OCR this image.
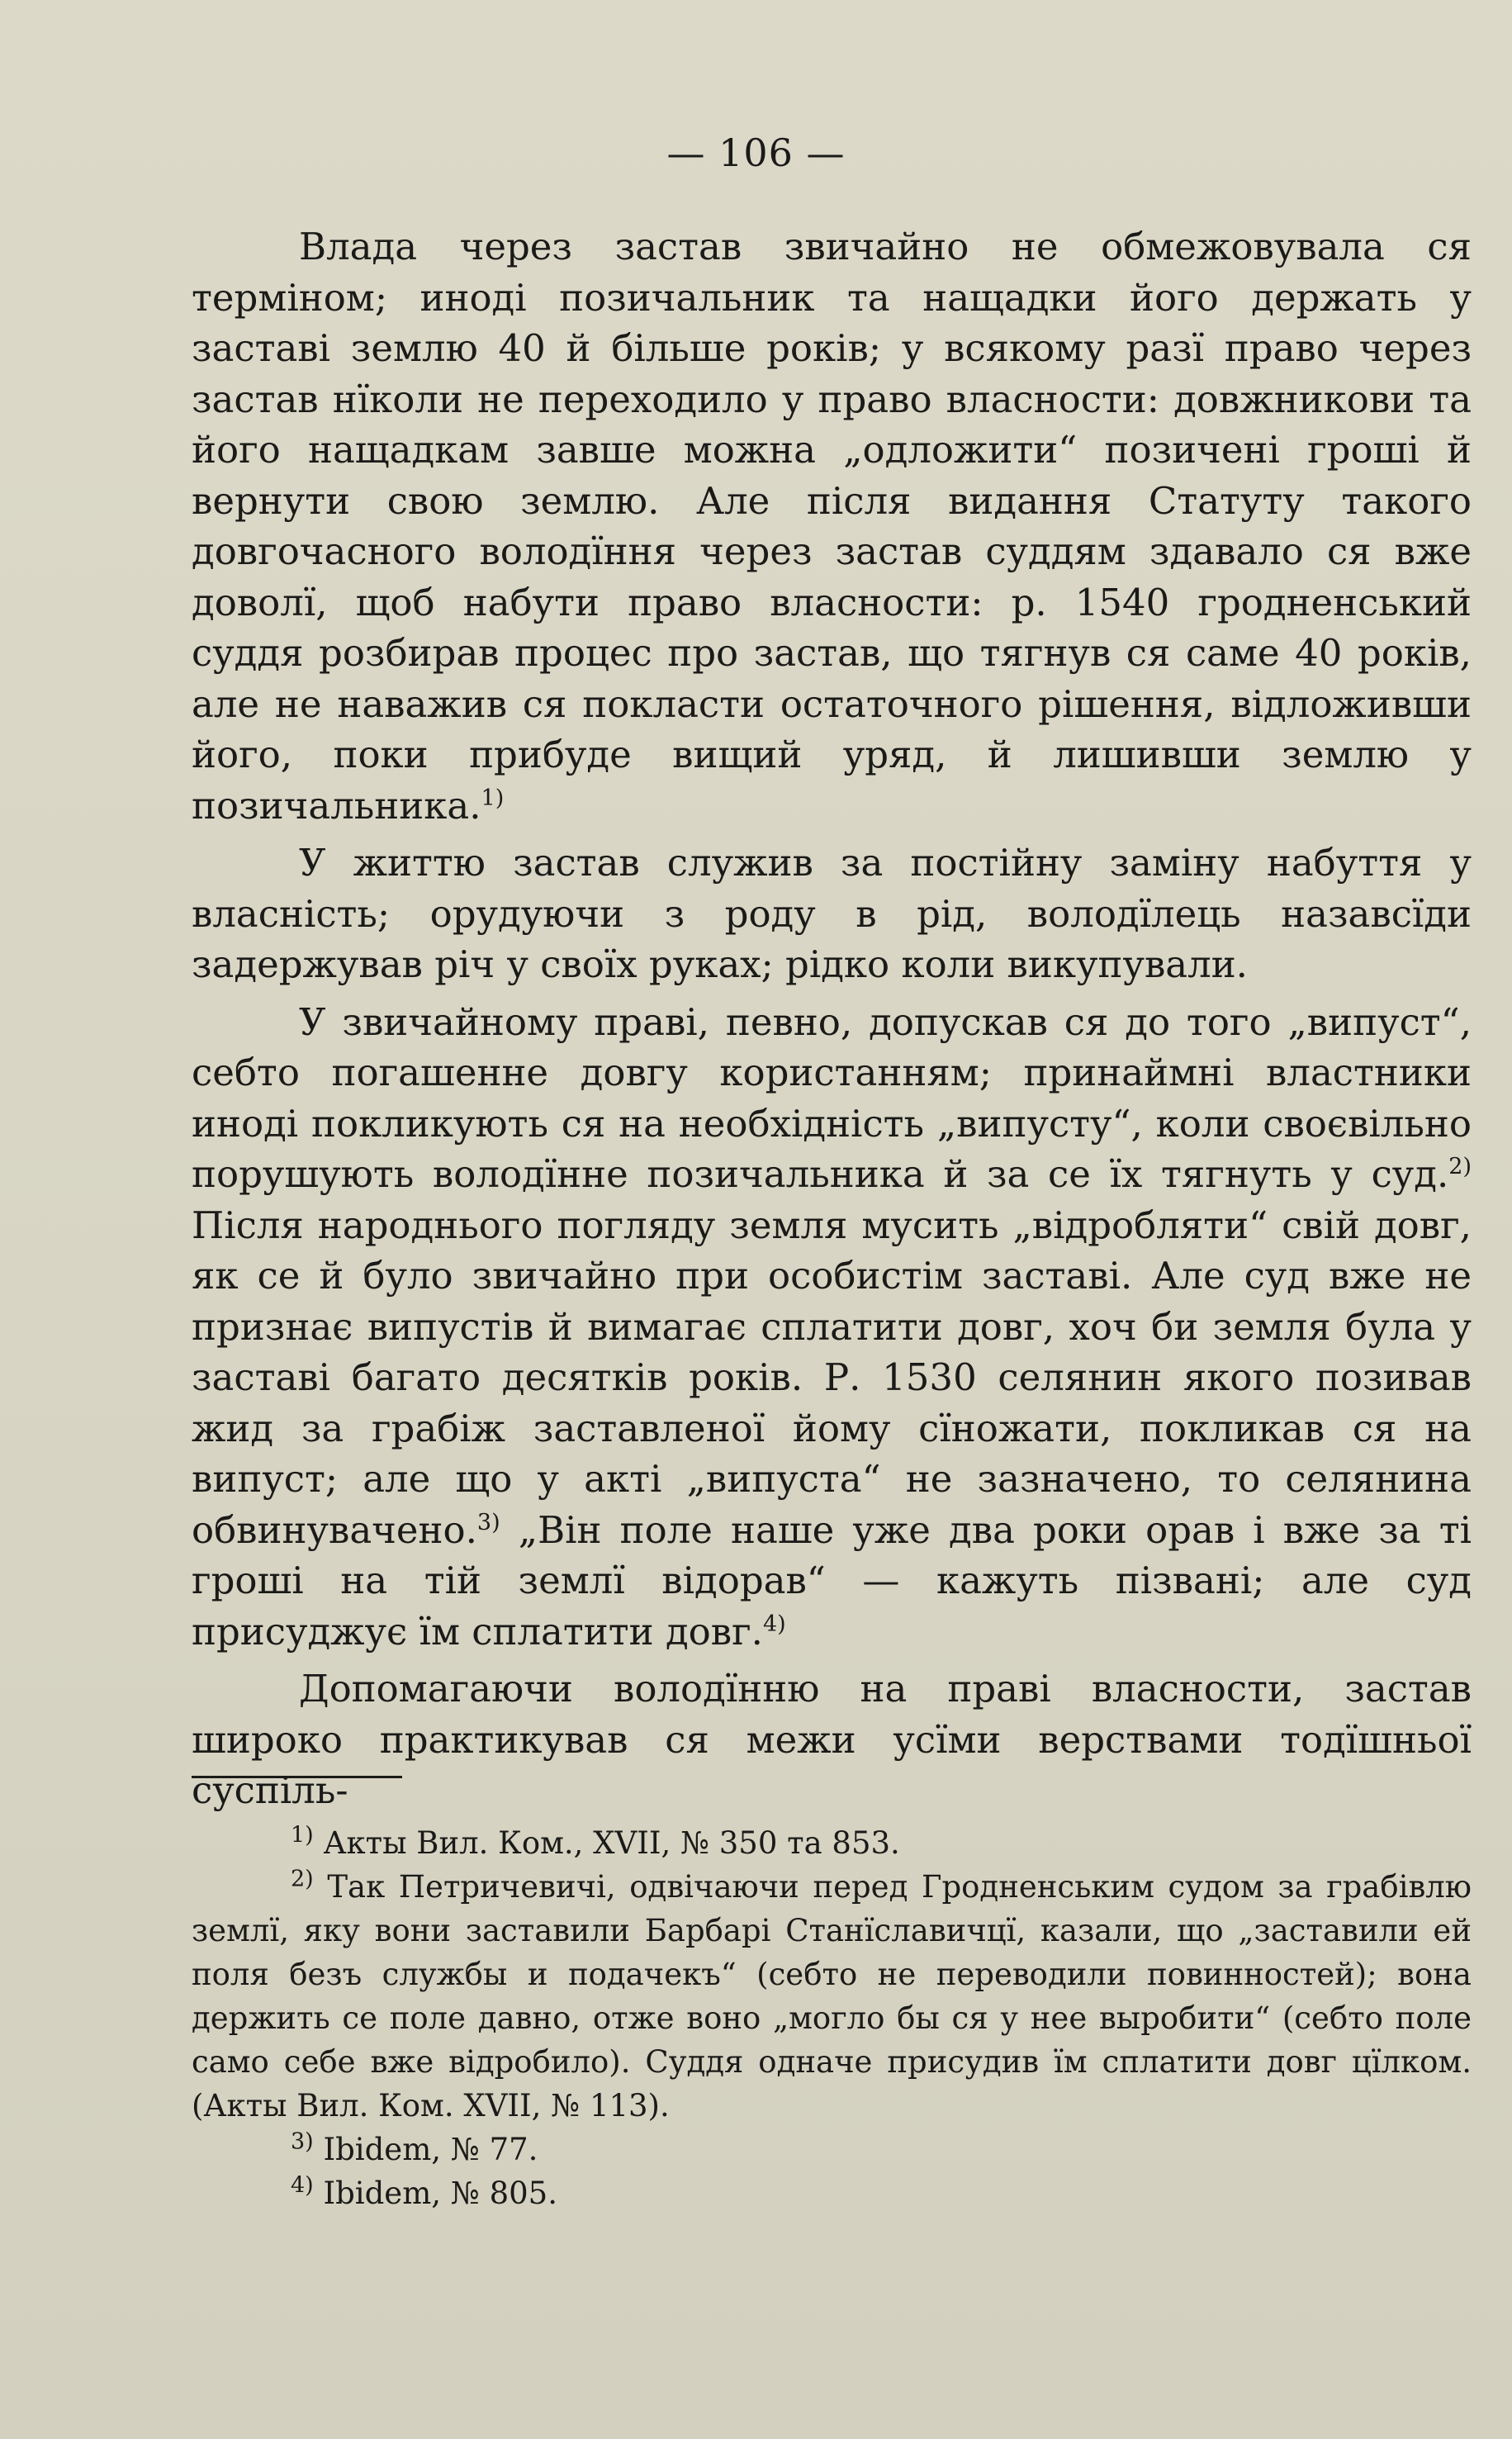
— 106 —

Влада через застав звичайно не обмежовувала ся терміном; иноді позичальник та нащадки його держать у заставі землю 40 й більше років; у всякому разї право через застав нїколи не переходило у право власности: довжникови та його нащадкам завше можна „одложити“ позичені гроші й вернути свою землю. Але після видання Статуту такого довгочасного володїння через застав суддям здавало ся вже доволї, щоб набути право власности: р. 1540 гродненський суддя розбирав процес про застав, що тягнув ся саме 40 років, але не наважив ся покласти остаточного рішення, відложивши його, поки прибуде вищий уряд, й лишивши землю у позичальника.$^{1)}$

У життю застав служив за постійну заміну набуття у власність; орудуючи з роду в рід, володїлець назавсїди задержував річ у своїх руках; рідко коли викупували.

У звичайному праві, певно, допускав ся до того „випуст“, себто погашенне довгу користанням; принаймні властники иноді покликують ся на необхідність „випусту“, коли своєвільно порушують володїнне позичальника й за се їх тягнуть у суд.$^{2)}$ Після народнього погляду земля мусить „відробляти“ свій довг, як се й було звичайно при особистім заставі. Але суд вже не признає випустів й вимагає сплатити довг, хоч би земля була у заставі багато десятків років. Р. 1530 селянин якого позивав жид за грабіж заставленої йому сїножати, покликав ся на випуст; але що у акті „випуста“ не зазначено, то селянина обвинувачено.$^{3)}$ „Він поле наше уже два роки орав і вже за ті гроші на тій землї відорав“ — кажуть пізвані; але суд присуджує їм сплатити довг.$^{4)}$

Допомагаючи володїнню на праві власности, застав широко практикував ся межи усїми верствами тодїшньої суспіль-

$^{1)}$ Акты Вил. Ком., XVII, № 350 та 853.

$^{2)}$ Так Петричевичі, одвічаючи перед Гродненським судом за грабівлю землї, яку вони заставили Барбарі Станїславичцї, казали, що „заставили ей поля безъ службы и подачекъ“ (себто не переводили повинностей); вона держить се поле давно, отже воно „могло бы ся у нее выробити“ (себто поле само себе вже відробило). Суддя одначе присудив їм сплатити довг цїлком. (Акты Вил. Ком. XVII, № 113).

$^{3)}$ Ibidem, № 77.

$^{4)}$ Ibidem, № 805.
